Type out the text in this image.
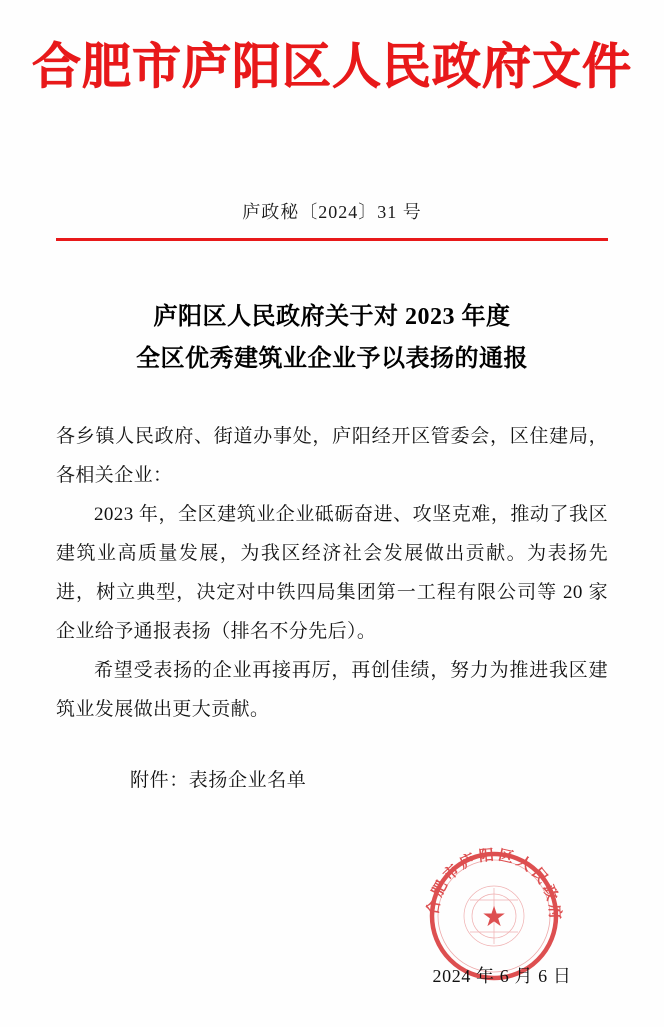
合肥市庐阳区人民政府文件
庐政秘〔2024〕31 号
庐阳区人民政府关于对 2023 年度
全区优秀建筑业企业予以表扬的通报

各乡镇人民政府、街道办事处，庐阳经开区管委会，区住建局，各相关企业：

2023 年，全区建筑业企业砥砺奋进、攻坚克难，推动了我区建筑业高质量发展，为我区经济社会发展做出贡献。为表扬先进，树立典型，决定对中铁四局集团第一工程有限公司等 20 家企业给予通报表扬（排名不分先后）。

希望受表扬的企业再接再厉，再创佳绩，努力为推进我区建筑业发展做出更大贡献。

附件：表扬企业名单
合肥市庐阳区人民政府
★
2024 年 6 月 6 日
